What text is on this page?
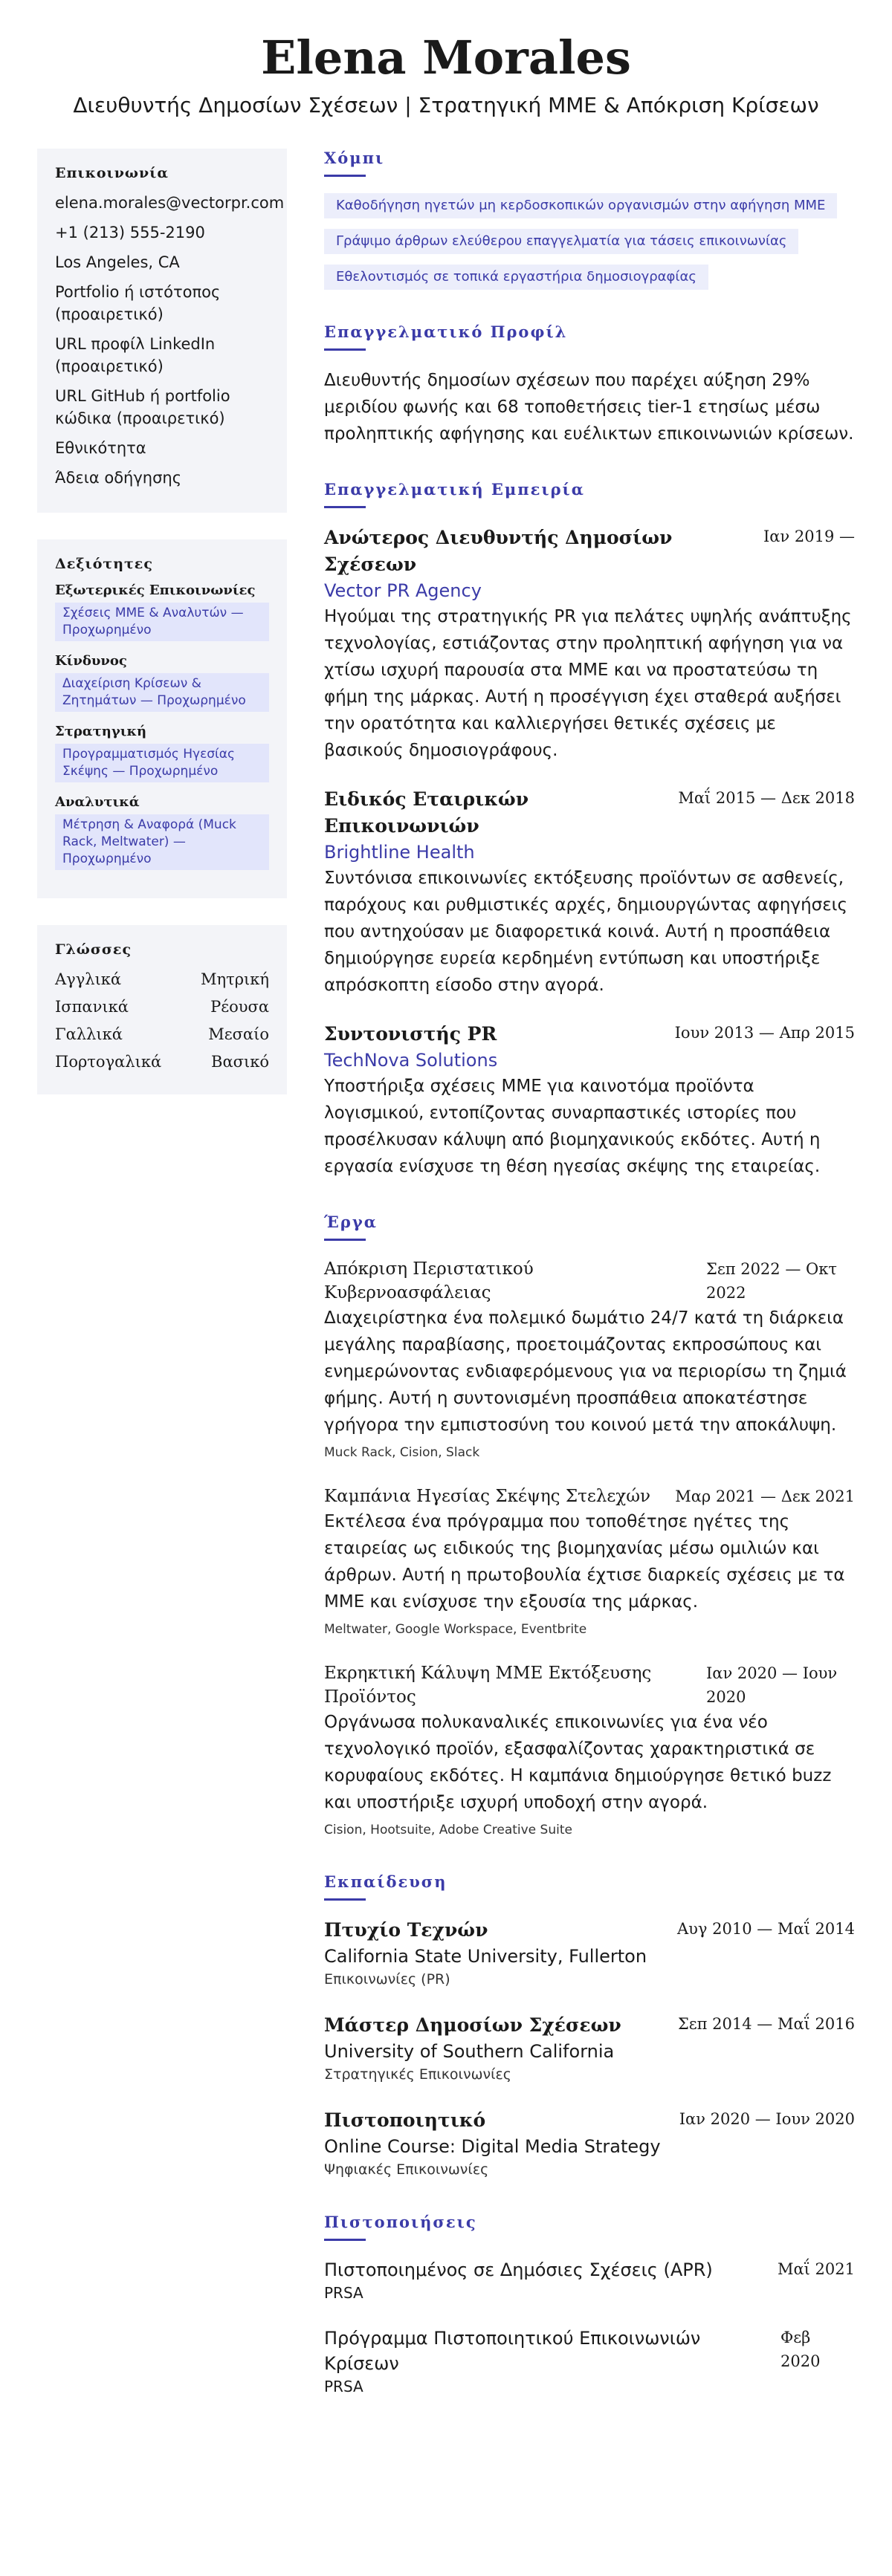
Elena Morales
Διευθυντής Δημοσίων Σχέσεων | Στρατηγική ΜΜΕ & Απόκριση Κρίσεων
Επικοινωνία
elena.morales@vectorpr.com
+1 (213) 555-2190
Los Angeles, CA
Portfolio ή ιστότοπος (προαιρετικό)
URL προφίλ LinkedIn (προαιρετικό)
URL GitHub ή portfolio κώδικα (προαιρετικό)
Εθνικότητα
Άδεια οδήγησης
Δεξιότητες
Εξωτερικές Επικοινωνίες
Σχέσεις ΜΜΕ & Αναλυτών — Προχωρημένο
Κίνδυνος
Διαχείριση Κρίσεων & Ζητημάτων — Προχωρημένο
Στρατηγική
Προγραμματισμός Ηγεσίας Σκέψης — Προχωρημένο
Αναλυτικά
Μέτρηση & Αναφορά (Muck Rack, Meltwater) — Προχωρημένο
Γλώσσες
Αγγλικά	Μητρική
Ισπανικά	Ρέουσα
Γαλλικά	Μεσαίο
Πορτογαλικά	Βασικό
Χόμπι
Καθοδήγηση ηγετών μη κερδοσκοπικών οργανισμών στην αφήγηση ΜΜΕ
Γράψιμο άρθρων ελεύθερου επαγγελματία για τάσεις επικοινωνίας
Εθελοντισμός σε τοπικά εργαστήρια δημοσιογραφίας
Επαγγελματικό Προφίλ

Διευθυντής δημοσίων σχέσεων που παρέχει αύξηση 29% μεριδίου φωνής και 68 τοποθετήσεις tier-1 ετησίως μέσω προληπτικής αφήγησης και ευέλικτων επικοινωνιών κρίσεων.

Επαγγελματική Εμπειρία
Ανώτερος Διευθυντής Δημοσίων Σχέσεων
Ιαν 2019 —
Vector PR Agency

Ηγούμαι της στρατηγικής PR για πελάτες υψηλής ανάπτυξης τεχνολογίας, εστιάζοντας στην προληπτική αφήγηση για να χτίσω ισχυρή παρουσία στα ΜΜΕ και να προστατεύσω τη φήμη της μάρκας. Αυτή η προσέγγιση έχει σταθερά αυξήσει την ορατότητα και καλλιεργήσει θετικές σχέσεις με βασικούς δημοσιογράφους.

Ειδικός Εταιρικών Επικοινωνιών
Μαΐ 2015 — Δεκ 2018
Brightline Health

Συντόνισα επικοινωνίες εκτόξευσης προϊόντων σε ασθενείς, παρόχους και ρυθμιστικές αρχές, δημιουργώντας αφηγήσεις που αντηχούσαν με διαφορετικά κοινά. Αυτή η προσπάθεια δημιούργησε ευρεία κερδημένη εντύπωση και υποστήριξε απρόσκοπτη είσοδο στην αγορά.

Συντονιστής PR	Ιουν 2013 — Απρ 2015
TechNova Solutions

Υποστήριξα σχέσεις ΜΜΕ για καινοτόμα προϊόντα λογισμικού, εντοπίζοντας συναρπαστικές ιστορίες που προσέλκυσαν κάλυψη από βιομηχανικούς εκδότες. Αυτή η εργασία ενίσχυσε τη θέση ηγεσίας σκέψης της εταιρείας.

Έργα
Απόκριση Περιστατικού Κυβερνοασφάλειας
Σεπ 2022 — Οκτ 2022

Διαχειρίστηκα ένα πολεμικό δωμάτιο 24/7 κατά τη διάρκεια μεγάλης παραβίασης, προετοιμάζοντας εκπροσώπους και ενημερώνοντας ενδιαφερόμενους για να περιορίσω τη ζημιά φήμης. Αυτή η συντονισμένη προσπάθεια αποκατέστησε γρήγορα την εμπιστοσύνη του κοινού μετά την αποκάλυψη.

Muck Rack, Cision, Slack
Καμπάνια Ηγεσίας Σκέψης Στελεχών Μαρ 2021 — Δεκ 2021

Εκτέλεσα ένα πρόγραμμα που τοποθέτησε ηγέτες της εταιρείας ως ειδικούς της βιομηχανίας μέσω ομιλιών και άρθρων. Αυτή η πρωτοβουλία έχτισε διαρκείς σχέσεις με τα ΜΜΕ και ενίσχυσε την εξουσία της μάρκας.

Meltwater, Google Workspace, Eventbrite
Εκρηκτική Κάλυψη ΜΜΕ Εκτόξευσης Προϊόντος
Ιαν 2020 — Ιουν 2020

Οργάνωσα πολυκαναλικές επικοινωνίες για ένα νέο τεχνολογικό προϊόν, εξασφαλίζοντας χαρακτηριστικά σε κορυφαίους εκδότες. Η καμπάνια δημιούργησε θετικό buzz και υποστήριξε ισχυρή υποδοχή στην αγορά.

Cision, Hootsuite, Adobe Creative Suite
Εκπαίδευση
Πτυχίο Τεχνών	Αυγ 2010 — Μαΐ 2014
California State University, Fullerton
Επικοινωνίες (PR)
Μάστερ Δημοσίων Σχέσεων	Σεπ 2014 — Μαΐ 2016
University of Southern California
Στρατηγικές Επικοινωνίες
Πιστοποιητικό	Ιαν 2020 — Ιουν 2020
Online Course: Digital Media Strategy
Ψηφιακές Επικοινωνίες
Πιστοποιήσεις
Πιστοποιημένος σε Δημόσιες Σχέσεις (APR)	Μαΐ 2021
PRSA
Πρόγραμμα Πιστοποιητικού Επικοινωνιών Κρίσεων
Φεβ 2020
PRSA
